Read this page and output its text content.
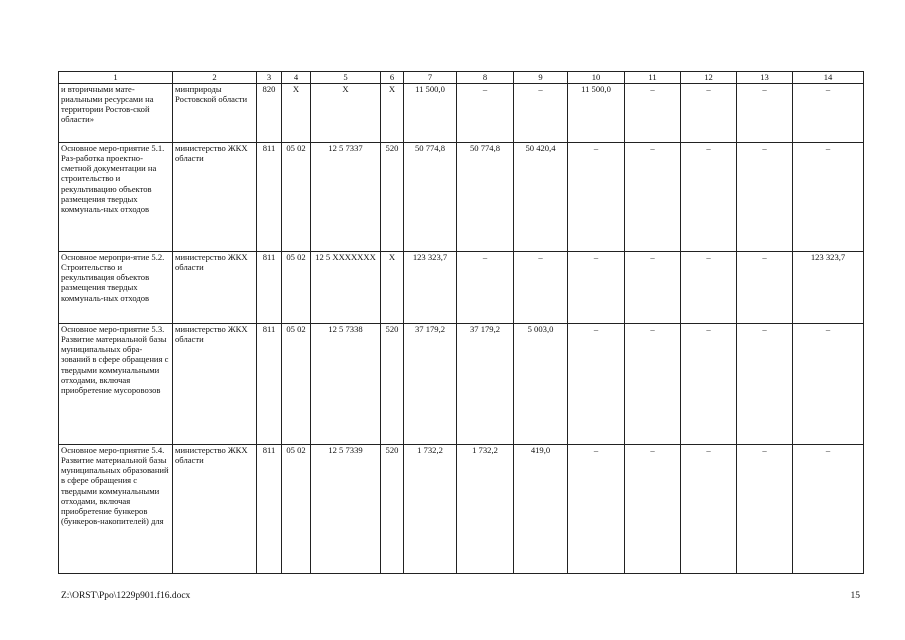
1	2	3	4	5	6	7	8	9	10	11	12	13	14
и вторичными мате-риальными ресурсами на территории Ростов-ской области»	минприроды Ростовской области	820	X	X	X	11 500,0	–	–	11 500,0	–	–	–	–
Основное меро-приятие 5.1. Раз-работка проектно-сметной документации на строительство и рекультивацию объектов размещения твердых коммуналь-ных отходов	министерство ЖКХ области	811	05 02	12 5 7337	520	50 774,8	50 774,8	50 420,4	–	–	–	–	–
Основное меропри-ятие 5.2. Строительство и рекультивация объектов размещения твердых коммуналь-ных отходов	министерство ЖКХ области	811	05 02	12 5 XXXXXXX	X	123 323,7	–	–	–	–	–	–	123 323,7
Основное меро-приятие 5.3. Развитие материальной базы муниципальных обра-зований в сфере обращения с твердыми коммунальными отходами, включая приобретение мусоровозов	министерство ЖКХ области	811	05 02	12 5 7338	520	37 179,2	37 179,2	5 003,0	–	–	–	–	–
Основное меро-приятие 5.4. Развитие материальной базы муниципальных образований в сфере обращения с твердыми коммунальными отходами, включая приобретение бункеров (бункеров-накопителей) для	министерство ЖКХ области	811	05 02	12 5 7339	520	1 732,2	1 732,2	419,0	–	–	–	–	–
Z:\ORST\Ppo\1229p901.f16.docx	15
